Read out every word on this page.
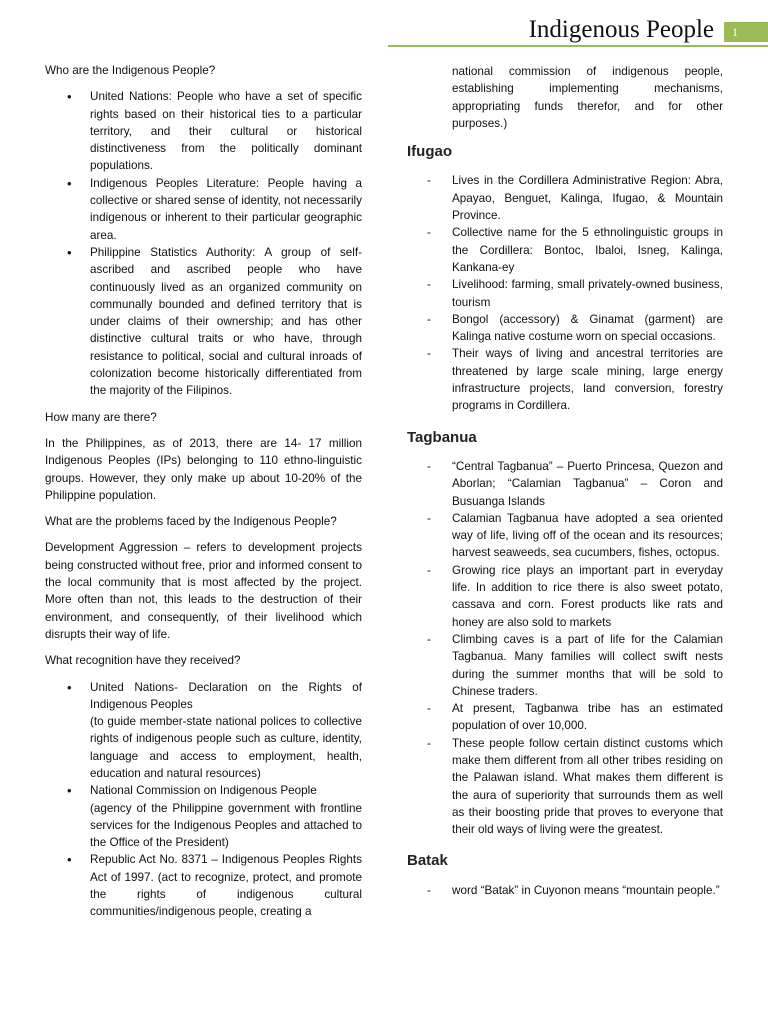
Indigenous People	1

Who are the Indigenous People?

• United Nations: People who have a set of specific rights based on their historical ties to a particular territory, and their cultural or historical distinctiveness from the politically dominant populations.
• Indigenous Peoples Literature: People having a collective or shared sense of identity, not necessarily indigenous or inherent to their particular geographic area.
• Philippine Statistics Authority: A group of self-ascribed and ascribed people who have continuously lived as an organized community on communally bounded and defined territory that is under claims of their ownership; and has other distinctive cultural traits or who have, through resistance to political, social and cultural inroads of colonization become historically differentiated from the majority of the Filipinos.

How many are there?

In the Philippines, as of 2013, there are 14- 17 million Indigenous Peoples (IPs) belonging to 110 ethno-linguistic groups. However, they only make up about 10-20% of the Philippine population.

What are the problems faced by the Indigenous People?

Development Aggression – refers to development projects being constructed without free, prior and informed consent to the local community that is most affected by the project. More often than not, this leads to the destruction of their environment, and consequently, of their livelihood which disrupts their way of life.

What recognition have they received?

• United Nations- Declaration on the Rights of Indigenous Peoples
(to guide member-state national polices to collective rights of indigenous people such as culture, identity, language and access to employment, health, education and natural resources)
• National Commission on Indigenous People
(agency of the Philippine government with frontline services for the Indigenous Peoples and attached to the Office of the President)
• Republic Act No. 8371 – Indigenous Peoples Rights Act of 1997. (act to recognize, protect, and promote the rights of indigenous cultural communities/indigenous people, creating a

national commission of indigenous people, establishing implementing mechanisms, appropriating funds therefor, and for other purposes.)

Ifugao
- Lives in the Cordillera Administrative Region: Abra, Apayao, Benguet, Kalinga, Ifugao, & Mountain Province.
- Collective name for the 5 ethnolinguistic groups in the Cordillera: Bontoc, Ibaloi, Isneg, Kalinga, Kankana-ey
- Livelihood: farming, small privately-owned business, tourism
- Bongol (accessory) & Ginamat (garment) are Kalinga native costume worn on special occasions.
- Their ways of living and ancestral territories are threatened by large scale mining, large energy infrastructure projects, land conversion, forestry programs in Cordillera.
Tagbanua
- “Central Tagbanua” – Puerto Princesa, Quezon and Aborlan; “Calamian Tagbanua” – Coron and Busuanga Islands
- Calamian Tagbanua have adopted a sea oriented way of life, living off of the ocean and its resources; harvest seaweeds, sea cucumbers, fishes, octopus.
- Growing rice plays an important part in everyday life. In addition to rice there is also sweet potato, cassava and corn. Forest products like rats and honey are also sold to markets
- Climbing caves is a part of life for the Calamian Tagbanua. Many families will collect swift nests during the summer months that will be sold to Chinese traders.
- At present, Tagbanwa tribe has an estimated population of over 10,000.
- These people follow certain distinct customs which make them different from all other tribes residing on the Palawan island. What makes them different is the aura of superiority that surrounds them as well as their boosting pride that proves to everyone that their old ways of living were the greatest.
Batak
- word “Batak” in Cuyonon means “mountain people.”
